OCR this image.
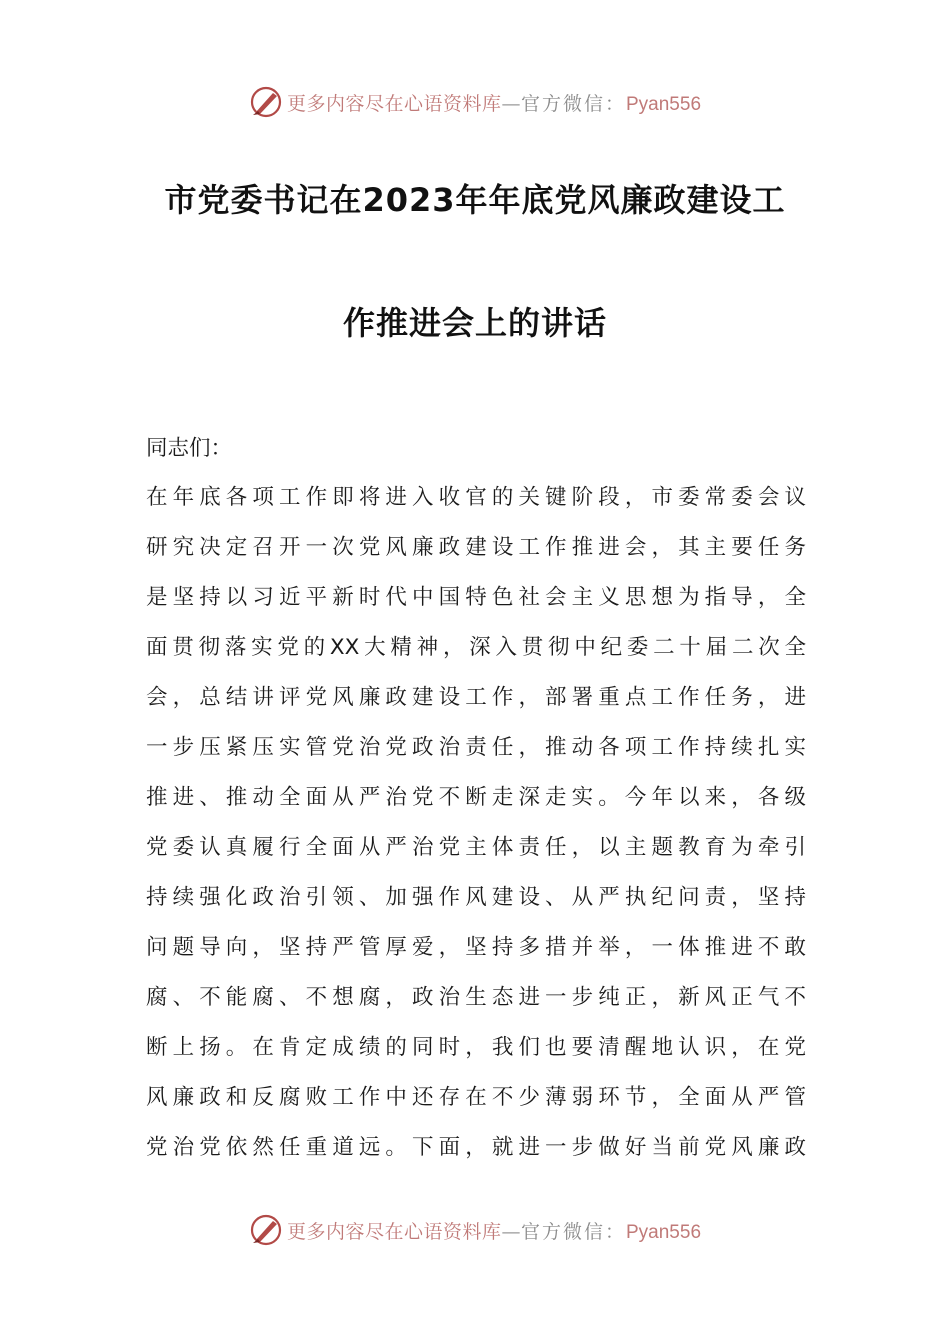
更多内容尽在心语资料库—官方微信：Pyan556
市党委书记在2023年年底党风廉政建设工
作推进会上的讲话
同志们：
在年底各项工作即将进入收官的关键阶段，市委常委会议
研究决定召开一次党风廉政建设工作推进会，其主要任务
是坚持以习近平新时代中国特色社会主义思想为指导，全
面贯彻落实党的XX大精神，深入贯彻中纪委二十届二次全
会，总结讲评党风廉政建设工作，部署重点工作任务，进
一步压紧压实管党治党政治责任，推动各项工作持续扎实
推进、推动全面从严治党不断走深走实。今年以来，各级
党委认真履行全面从严治党主体责任，以主题教育为牵引
持续强化政治引领、加强作风建设、从严执纪问责，坚持
问题导向，坚持严管厚爱，坚持多措并举，一体推进不敢
腐、不能腐、不想腐，政治生态进一步纯正，新风正气不
断上扬。在肯定成绩的同时，我们也要清醒地认识，在党
风廉政和反腐败工作中还存在不少薄弱环节，全面从严管
党治党依然任重道远。下面，就进一步做好当前党风廉政
更多内容尽在心语资料库—官方微信：Pyan556
